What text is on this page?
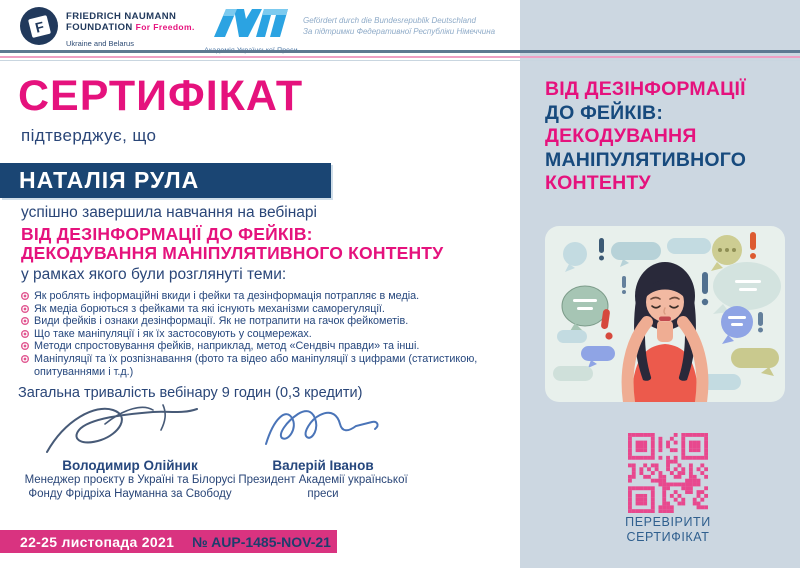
ВІД ДЕЗІНФОРМАЦІЇ
ДО ФЕЙКІВ:
ДЕКОДУВАННЯ
МАНІПУЛЯТИВНОГО
КОНТЕНТУ
ПЕРЕВІРИТИ
СЕРТИФІКАТ
F
FRIEDRICH NAUMANN
FOUNDATION For Freedom.
Ukraine and Belarus
Gefördert durch die Bundesrepublik Deutschland
За підтримки Федеративної Республіки Німеччина
СЕРТИФІКАТ
підтверджує, що
НАТАЛІЯ РУЛА
успішно завершила навчання на вебінарі
ВІД ДЕЗІНФОРМАЦІЇ ДО ФЕЙКІВ:
ДЕКОДУВАННЯ МАНІПУЛЯТИВНОГО КОНТЕНТУ
у рамках якого були розглянуті теми:
Як роблять інформаційні вкиди і фейки та дезінформація потрапляє в медіа.
Як медіа борються з фейками та які існують механізми саморегуляції.
Види фейків і ознаки дезінформації. Як не потрапити на гачок фейкометів.
Що таке маніпуляції і як їх застосовують у соцмережах.
Методи спростовування фейків, наприклад, метод «Сендвіч правди» та інші.
Маніпуляції та їх розпізнавання (фото та відео або маніпуляції з цифрами (статистикою, опитуваннями і т.д.)
Загальна тривалість вебінару 9 годин (0,3 кредити)
Володимир Олійник
Менеджер проєкту в Україні та Білорусі
Фонду Фрідріха Науманна за Свободу
Валерій Іванов
Президент Академії української преси
22-25 листопада 2021 № AUP-1485-NOV-21
